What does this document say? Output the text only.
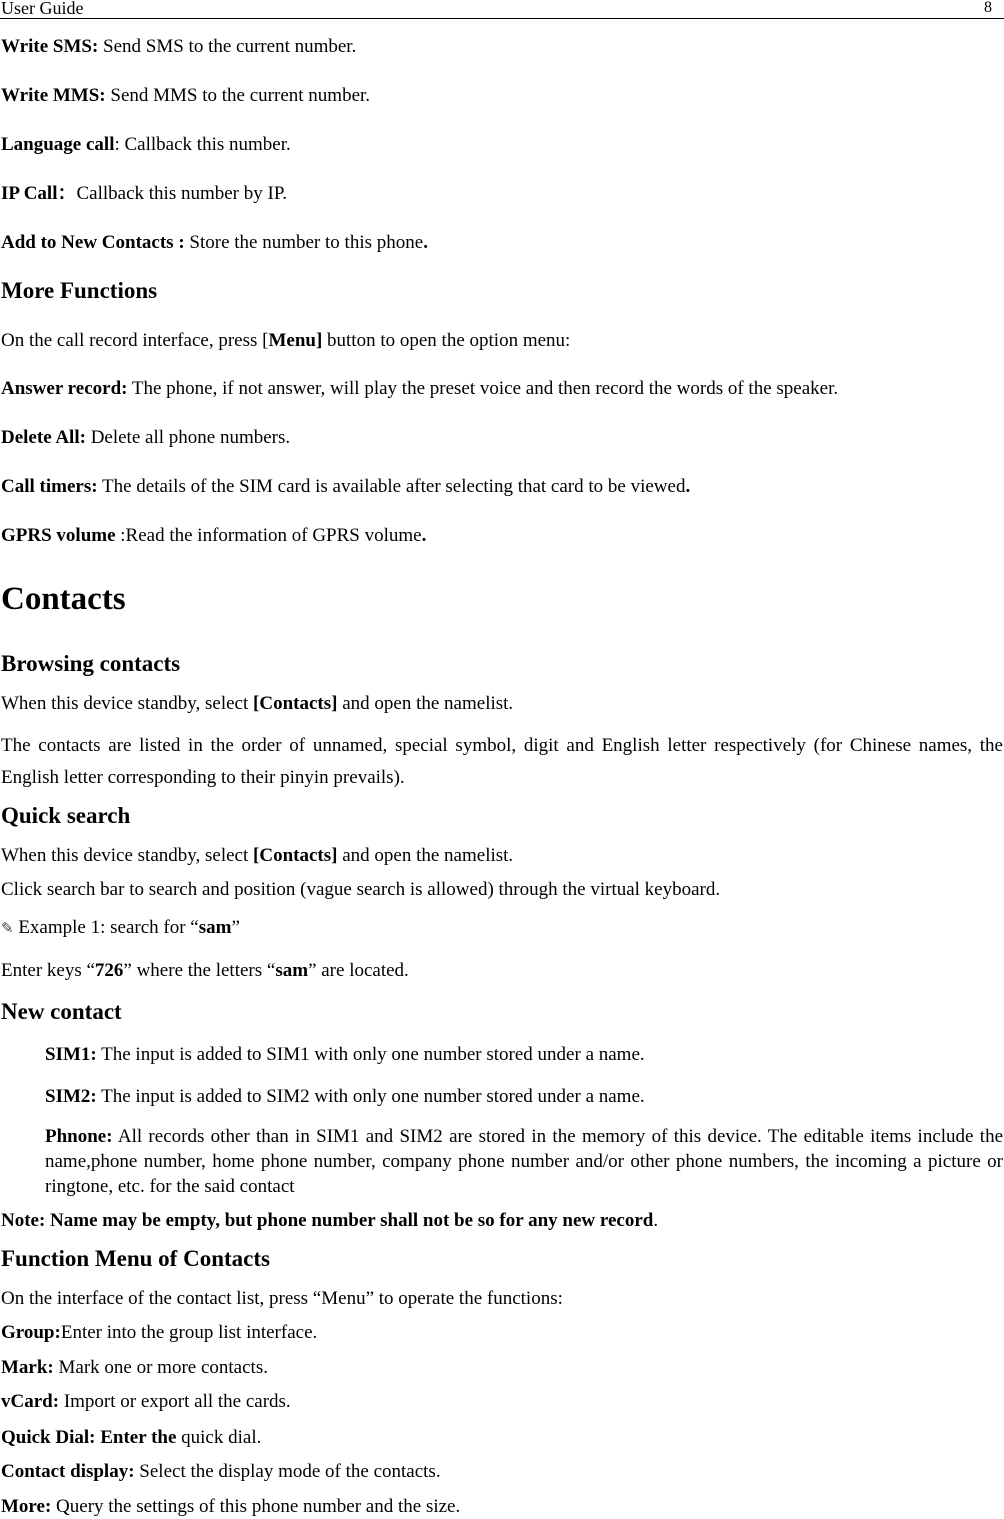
User Guide	8
Write SMS: Send SMS to the current number.
Write MMS: Send MMS to the current number.
Language call: Callback this number.
IP Call：Callback this number by IP.
Add to New Contacts : Store the number to this phone.
More Functions
On the call record interface, press [Menu] button to open the option menu:
Answer record: The phone, if not answer, will play the preset voice and then record the words of the speaker.
Delete All: Delete all phone numbers.
Call timers: The details of the SIM card is available after selecting that card to be viewed.
GPRS volume :Read the information of GPRS volume.
Contacts
Browsing contacts
When this device standby, select [Contacts] and open the namelist.
The contacts are listed in the order of unnamed, special symbol, digit and English letter respectively (for Chinese names, the English letter corresponding to their pinyin prevails).
Quick search
When this device standby, select [Contacts] and open the namelist.
Click search bar to search and position (vague search is allowed) through the virtual keyboard.
✎ Example 1: search for “sam”
Enter keys “726” where the letters “sam” are located.
New contact
SIM1: The input is added to SIM1 with only one number stored under a name.
SIM2: The input is added to SIM2 with only one number stored under a name.
Phnone: All records other than in SIM1 and SIM2 are stored in the memory of this device. The editable items include the name,phone number, home phone number, company phone number and/or other phone numbers, the incoming a picture or ringtone, etc. for the said contact
Note: Name may be empty, but phone number shall not be so for any new record.
Function Menu of Contacts
On the interface of the contact list, press “Menu” to operate the functions:
Group:Enter into the group list interface.
Mark: Mark one or more contacts.
vCard: Import or export all the cards.
Quick Dial: Enter the quick dial.
Contact display: Select the display mode of the contacts.
More: Query the settings of this phone number and the size.
